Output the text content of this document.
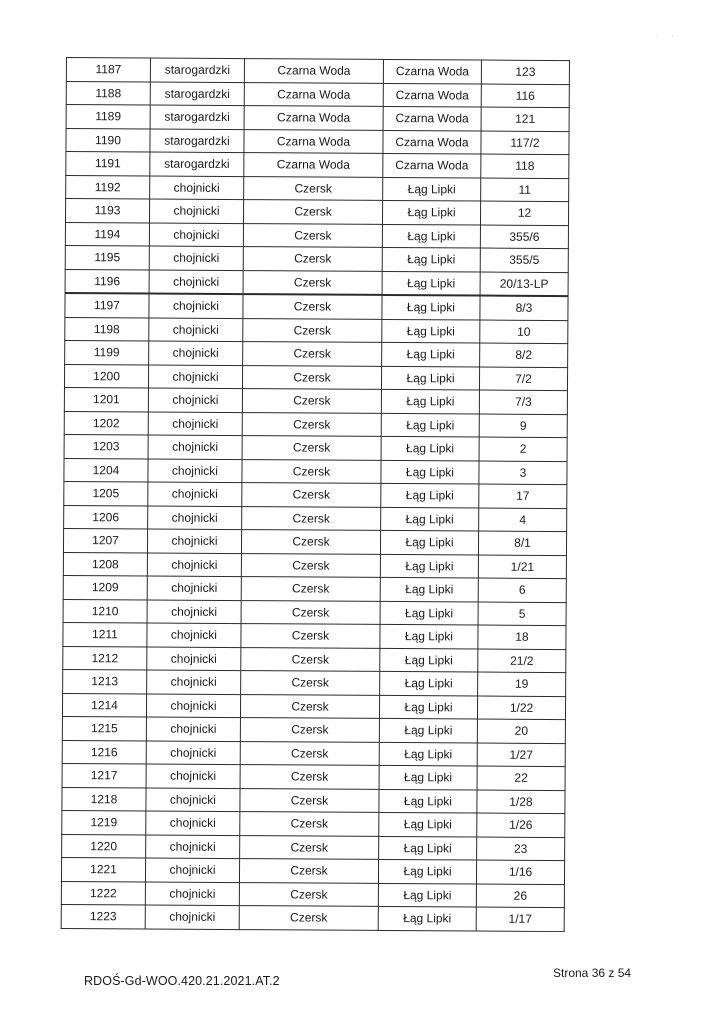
1187	starogardzki	Czarna Woda	Czarna Woda	123
1188	starogardzki	Czarna Woda	Czarna Woda	116
1189	starogardzki	Czarna Woda	Czarna Woda	121
1190	starogardzki	Czarna Woda	Czarna Woda	117/2
1191	starogardzki	Czarna Woda	Czarna Woda	118
1192	chojnicki	Czersk	Łąg Lipki	11
1193	chojnicki	Czersk	Łąg Lipki	12
1194	chojnicki	Czersk	Łąg Lipki	355/6
1195	chojnicki	Czersk	Łąg Lipki	355/5
1196	chojnicki	Czersk	Łąg Lipki	20/13-LP
1197	chojnicki	Czersk	Łąg Lipki	8/3
1198	chojnicki	Czersk	Łąg Lipki	10
1199	chojnicki	Czersk	Łąg Lipki	8/2
1200	chojnicki	Czersk	Łąg Lipki	7/2
1201	chojnicki	Czersk	Łąg Lipki	7/3
1202	chojnicki	Czersk	Łąg Lipki	9
1203	chojnicki	Czersk	Łąg Lipki	2
1204	chojnicki	Czersk	Łąg Lipki	3
1205	chojnicki	Czersk	Łąg Lipki	17
1206	chojnicki	Czersk	Łąg Lipki	4
1207	chojnicki	Czersk	Łąg Lipki	8/1
1208	chojnicki	Czersk	Łąg Lipki	1/21
1209	chojnicki	Czersk	Łąg Lipki	6
1210	chojnicki	Czersk	Łąg Lipki	5
1211	chojnicki	Czersk	Łąg Lipki	18
1212	chojnicki	Czersk	Łąg Lipki	21/2
1213	chojnicki	Czersk	Łąg Lipki	19
1214	chojnicki	Czersk	Łąg Lipki	1/22
1215	chojnicki	Czersk	Łąg Lipki	20
1216	chojnicki	Czersk	Łąg Lipki	1/27
1217	chojnicki	Czersk	Łąg Lipki	22
1218	chojnicki	Czersk	Łąg Lipki	1/28
1219	chojnicki	Czersk	Łąg Lipki	1/26
1220	chojnicki	Czersk	Łąg Lipki	23
1221	chojnicki	Czersk	Łąg Lipki	1/16
1222	chojnicki	Czersk	Łąg Lipki	26
1223	chojnicki	Czersk	Łąg Lipki	1/17
· ·
RDOŚ-Gd-WOO.420.21.2021.AT.2
Strona 36 z 54
